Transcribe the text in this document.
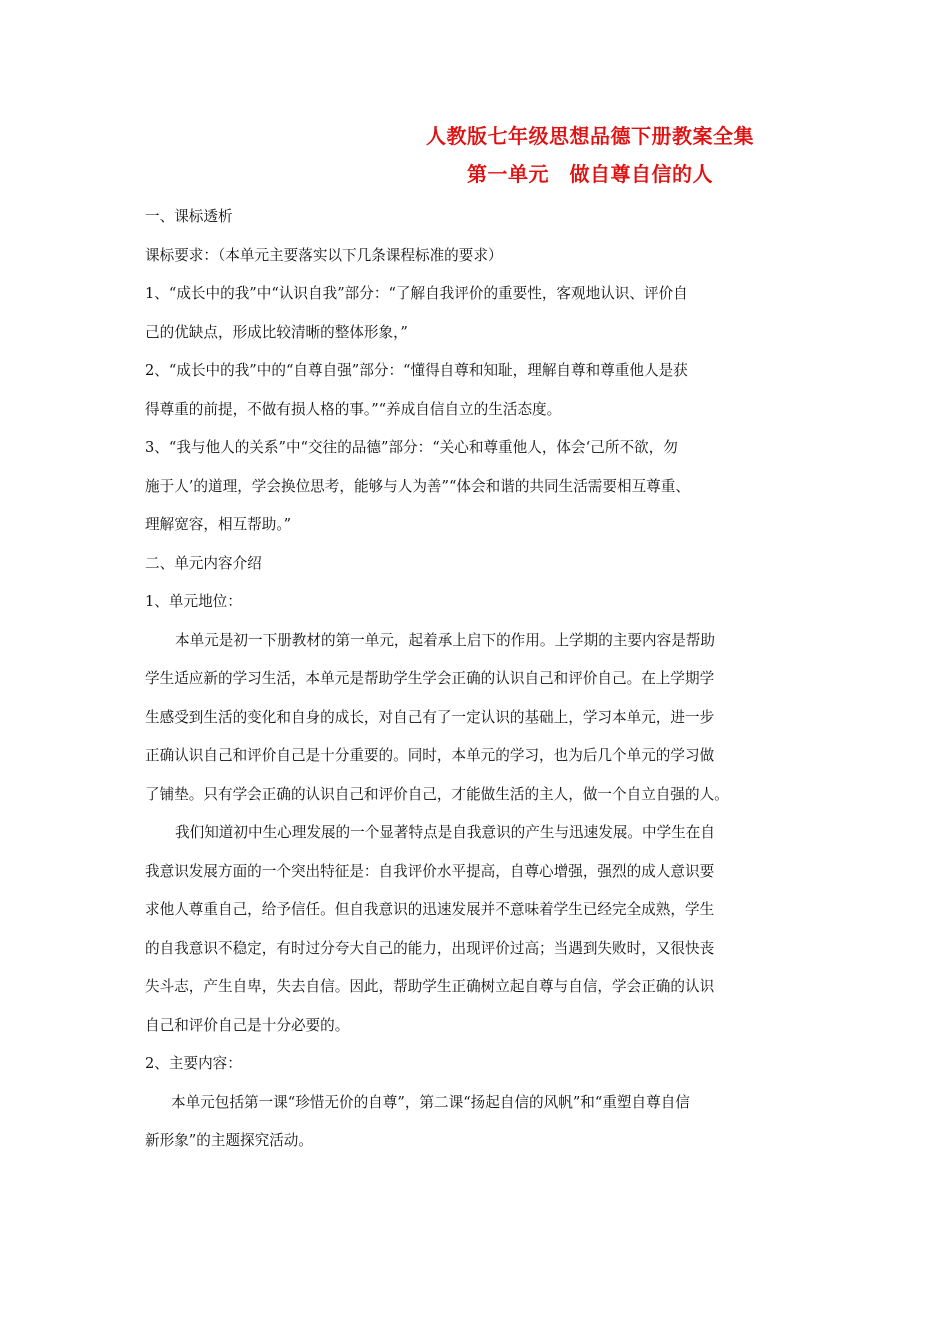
人教版七年级思想品德下册教案全集
第一单元　做自尊自信的人
一、课标透析
课标要求：（本单元主要落实以下几条课程标准的要求）
1、“成长中的我”中“认识自我”部分：“了解自我评价的重要性，客观地认识、评价自
己的优缺点，形成比较清晰的整体形象，”
2、“成长中的我”中的“自尊自强”部分：“懂得自尊和知耻，理解自尊和尊重他人是获
得尊重的前提，不做有损人格的事。”“养成自信自立的生活态度。
3、“我与他人的关系”中“交往的品德”部分：“关心和尊重他人，体会‘己所不欲，勿
施于人’的道理，学会换位思考，能够与人为善”“体会和谐的共同生活需要相互尊重、
理解宽容，相互帮助。”
二、单元内容介绍
1、单元地位：
本单元是初一下册教材的第一单元，起着承上启下的作用。上学期的主要内容是帮助
学生适应新的学习生活，本单元是帮助学生学会正确的认识自己和评价自己。在上学期学
生感受到生活的变化和自身的成长，对自己有了一定认识的基础上，学习本单元，进一步
正确认识自己和评价自己是十分重要的。同时，本单元的学习，也为后几个单元的学习做
了铺垫。只有学会正确的认识自己和评价自己，才能做生活的主人，做一个自立自强的人。
我们知道初中生心理发展的一个显著特点是自我意识的产生与迅速发展。中学生在自
我意识发展方面的一个突出特征是：自我评价水平提高，自尊心增强，强烈的成人意识要
求他人尊重自己，给予信任。但自我意识的迅速发展并不意味着学生已经完全成熟，学生
的自我意识不稳定，有时过分夸大自己的能力，出现评价过高；当遇到失败时，又很快丧
失斗志，产生自卑，失去自信。因此，帮助学生正确树立起自尊与自信，学会正确的认识
自己和评价自己是十分必要的。
2、主要内容：
本单元包括第一课“珍惜无价的自尊”，第二课“扬起自信的风帆”和“重塑自尊自信
新形象”的主题探究活动。
